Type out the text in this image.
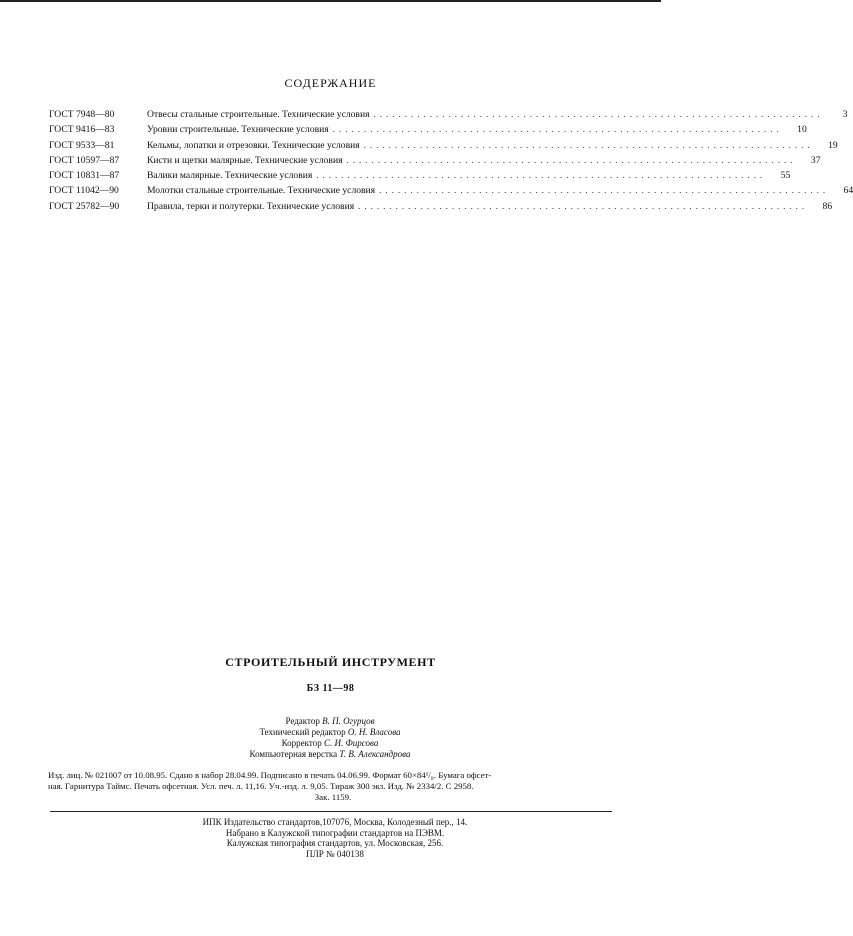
СОДЕРЖАНИЕ
ГОСТ 7948—80	Отвесы стальные строительные. Технические условия ........................................................................	3
ГОСТ 9416—83	Уровни строительные. Технические условия ........................................................................	10
ГОСТ 9533—81	Кельмы, лопатки и отрезовки. Технические условия ........................................................................	19
ГОСТ 10597—87	Кисти и щетки малярные. Технические условия ........................................................................	37
ГОСТ 10831—87	Валики малярные. Технические условия ........................................................................	55
ГОСТ 11042—90	Молотки стальные строительные. Технические условия ........................................................................	64
ГОСТ 25782—90	Правила, терки и полутерки. Технические условия ........................................................................	86
СТРОИТЕЛЬНЫЙ ИНСТРУМЕНТ
БЗ 11—98
Редактор В. П. Огурцов
Технический редактор О. Н. Власова
Корректор С. И. Фирсова
Компьютерная верстка Т. В. Александрова
Изд. лиц. № 021007 от 10.08.95. Сдано в набор 28.04.99. Подписано в печать 04.06.99. Формат 60×84¹/₈. Бумага офсет-
ная. Гарнитура Таймс. Печать офсетная. Усл. печ. л. 11,16. Уч.-изд. л. 9,05. Тираж 300 экз. Изд. № 2334/2. С 2958.
Зак. 1159.
ИПК Издательство стандартов,107076, Москва, Колодезный пер., 14.
Набрано в Калужской типографии стандартов на ПЭВМ.
Калужская типография стандартов, ул. Московская, 256.
ПЛР № 040138
